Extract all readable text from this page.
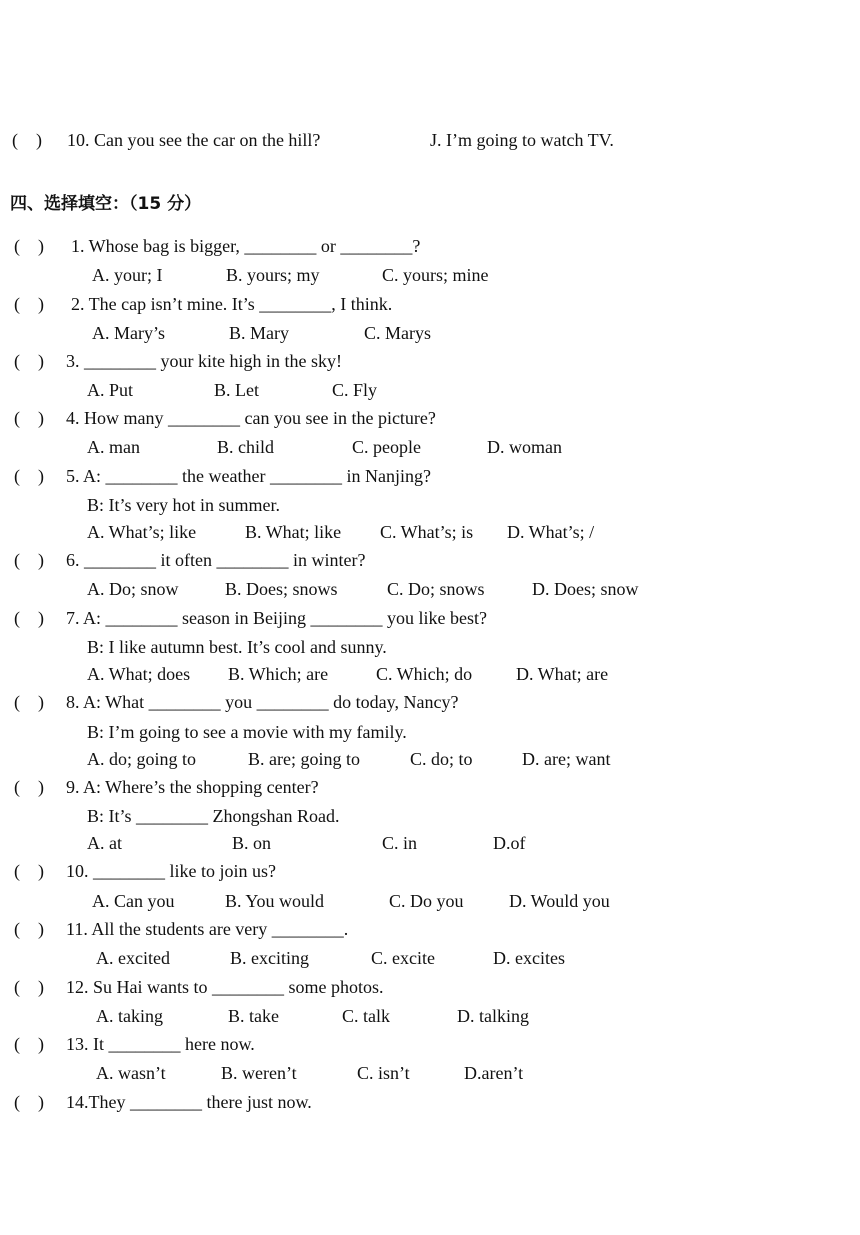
(    ) 10. Can you see the car on the hill?	J. I’m going to watch TV.
四、选择填空：（15 分）
(    ) 1. Whose bag is bigger, ________ or ________?
A. your; I	B. yours; my	C. yours; mine
(    ) 2. The cap isn’t mine. It’s ________, I think.
A. Mary’s	B. Mary	C. Marys
(    ) 3. ________ your kite high in the sky!
A. Put	B. Let	C. Fly
(    ) 4. How many ________ can you see in the picture?
A. man	B. child	C. people	D. woman
(    ) 5. A: ________ the weather ________ in Nanjing?
B: It’s very hot in summer.
A. What’s; like	B. What; like C. What’s; is D. What’s; /
(    ) 6. ________ it often ________ in winter?
A. Do; snow	B. Does; snows	C. Do; snows	D. Does; snow
(    ) 7. A: ________ season in Beijing ________ you like best?
B: I like autumn best. It’s cool and sunny.
A. What; does B. Which; are	C. Which; do D. What; are
(    ) 8. A: What ________ you ________ do today, Nancy?
B: I’m going to see a movie with my family.
A. do; going to	B. are; going to	C. do; to	D. are; want
(    ) 9. A: Where’s the shopping center?
B: It’s ________ Zhongshan Road.
A. at	B. on	C. in	D.of
(    ) 10. ________ like to join us?
A. Can you	B. You would	C. Do you	D. Would you
(    ) 11. All the students are very ________.
A. excited	B. exciting	C. excite	D. excites
(    ) 12. Su Hai wants to ________ some photos.
A. taking	B. take	C. talk	D. talking
(    ) 13. It ________ here now.
A. wasn’t	B. weren’t	C. isn’t	D.aren’t
(    ) 14.They ________ there just now.
